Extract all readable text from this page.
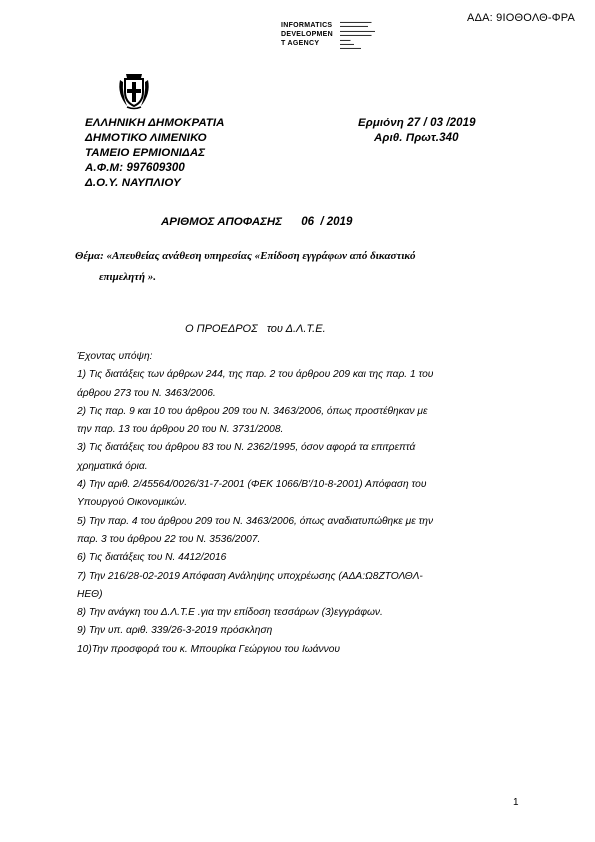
ΑΔΑ: 9ΙΟΘΟΛΘ-ΦΡΑ
INFORMATICS
DEVELOPMEN
T AGENCY
▬▬▬▬▬▬▬▬▬
▬▬▬▬▬▬▬▬
▬▬▬▬▬▬▬▬▬▬
▬▬▬▬▬▬▬▬▬
▬▬▬
▬▬▬▬
▬▬▬▬▬▬
ΕΛΛΗΝΙΚΗ ΔΗΜΟΚΡΑΤΙΑ
ΔΗΜΟΤΙΚΟ ΛΙΜΕΝΙΚΟ
ΤΑΜΕΙΟ ΕΡΜΙΟΝΙΔΑΣ
Α.Φ.Μ: 997609300
Δ.Ο.Υ. ΝΑΥΠΛΙΟΥ
Ερμιόνη 27 / 03 /2019
Αριθ. Πρωτ.340
ΑΡΙΘΜΟΣ ΑΠΟΦΑΣΗΣ      06  / 2019
Θέμα: «Απευθείας ανάθεση υπηρεσίας «Επίδοση εγγράφων από δικαστικό
επιμελητή ».
Ο ΠΡΟΕΔΡΟΣ   του Δ.Λ.Τ.Ε.
Έχοντας υπόψη:
1) Τις διατάξεις των άρθρων 244, της παρ. 2 του άρθρου 209 και της παρ. 1 του
άρθρου 273 του Ν. 3463/2006.
2) Τις παρ. 9 και 10 του άρθρου 209 του Ν. 3463/2006, όπως προστέθηκαν με
την παρ. 13 του άρθρου 20 του Ν. 3731/2008.
3) Τις διατάξεις του άρθρου 83 του Ν. 2362/1995, όσον αφορά τα επιτρεπτά
χρηματικά όρια.
4) Την αριθ. 2/45564/0026/31-7-2001 (ΦΕΚ 1066/Β'/10-8-2001) Απόφαση του
Υπουργού Οικονομικών.
5) Την παρ. 4 του άρθρου 209 του Ν. 3463/2006, όπως αναδιατυπώθηκε με την
παρ. 3 του άρθρου 22 του Ν. 3536/2007.
6) Τις διατάξεις του Ν. 4412/2016
7) Την 216/28-02-2019 Απόφαση Ανάληψης υποχρέωσης (ΑΔΑ:Ω8ΖΤΟΛΘΛ-
ΗΕΘ)
8) Την ανάγκη του Δ.Λ.Τ.Ε .για την επίδοση τεσσάρων (3)εγγράφων.
9) Την υπ. αριθ. 339/26-3-2019 πρόσκληση
10)Την προσφορά του κ. Μπουρίκα Γεώργιου του Ιωάννου
1
